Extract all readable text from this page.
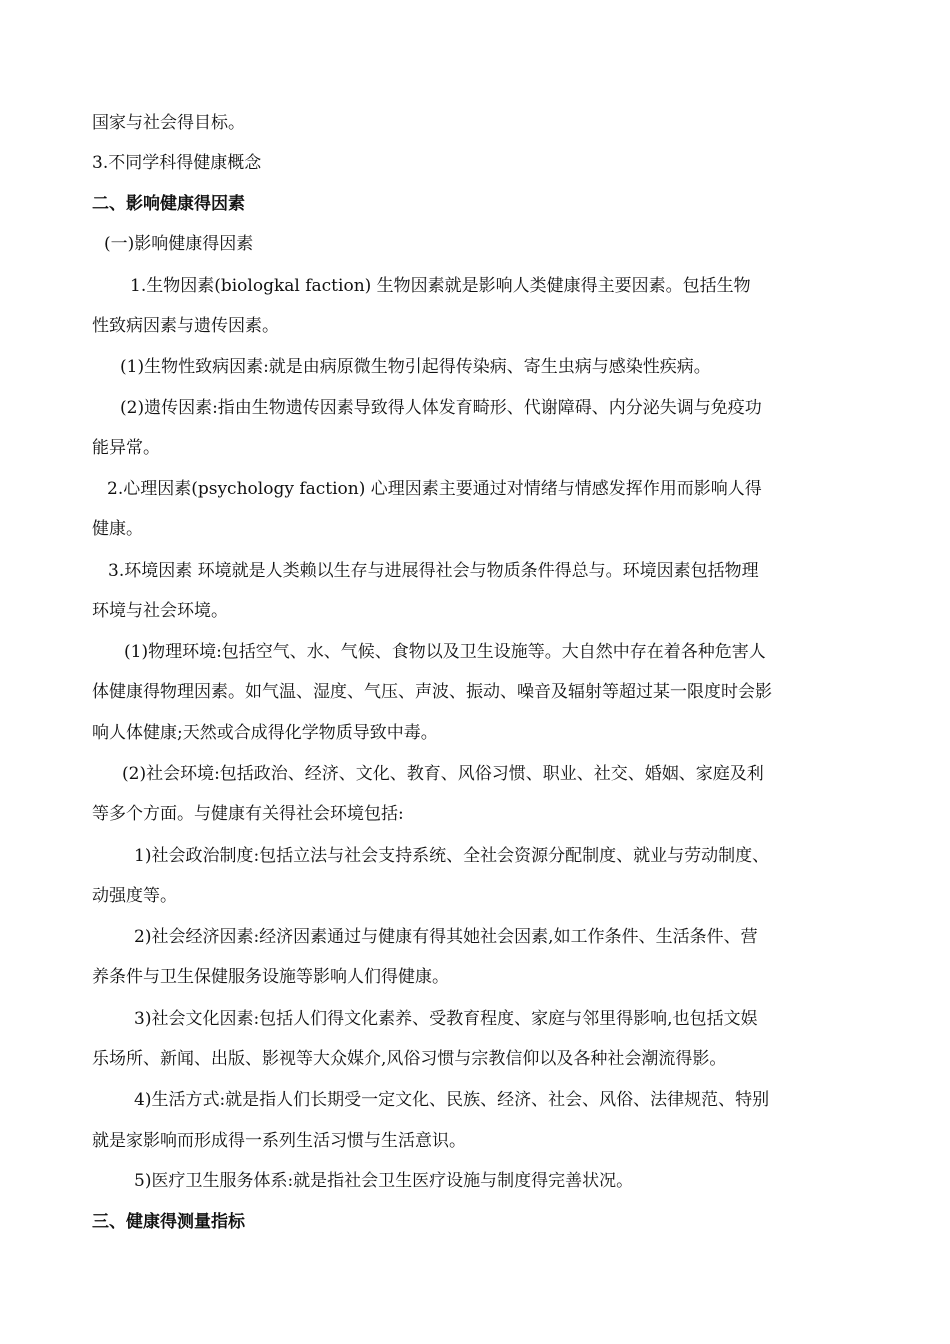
国家与社会得目标。
3.不同学科得健康概念
二、影响健康得因素
(一)影响健康得因素
1.生物因素(biologkal faction) 生物因素就是影响人类健康得主要因素。包括生物
性致病因素与遗传因素。
(1)生物性致病因素:就是由病原微生物引起得传染病、寄生虫病与感染性疾病。
(2)遗传因素:指由生物遗传因素导致得人体发育畸形、代谢障碍、内分泌失调与免疫功
能异常。
2.心理因素(psychology faction) 心理因素主要通过对情绪与情感发挥作用而影响人得
健康。
3.环境因素 环境就是人类赖以生存与进展得社会与物质条件得总与。环境因素包括物理
环境与社会环境。
(1)物理环境:包括空气、水、气候、食物以及卫生设施等。大自然中存在着各种危害人
体健康得物理因素。如气温、湿度、气压、声波、振动、噪音及辐射等超过某一限度时会影
响人体健康;天然或合成得化学物质导致中毒。
(2)社会环境:包括政治、经济、文化、教育、风俗习惯、职业、社交、婚姻、家庭及利
等多个方面。与健康有关得社会环境包括:
1)社会政治制度:包括立法与社会支持系统、全社会资源分配制度、就业与劳动制度、
动强度等。
2)社会经济因素:经济因素通过与健康有得其她社会因素,如工作条件、生活条件、营
养条件与卫生保健服务设施等影响人们得健康。
3)社会文化因素:包括人们得文化素养、受教育程度、家庭与邻里得影响,也包括文娱
乐场所、新闻、出版、影视等大众媒介,风俗习惯与宗教信仰以及各种社会潮流得影。
4)生活方式:就是指人们长期受一定文化、民族、经济、社会、风俗、法律规范、特别
就是家影响而形成得一系列生活习惯与生活意识。
5)医疗卫生服务体系:就是指社会卫生医疗设施与制度得完善状况。
三、健康得测量指标
